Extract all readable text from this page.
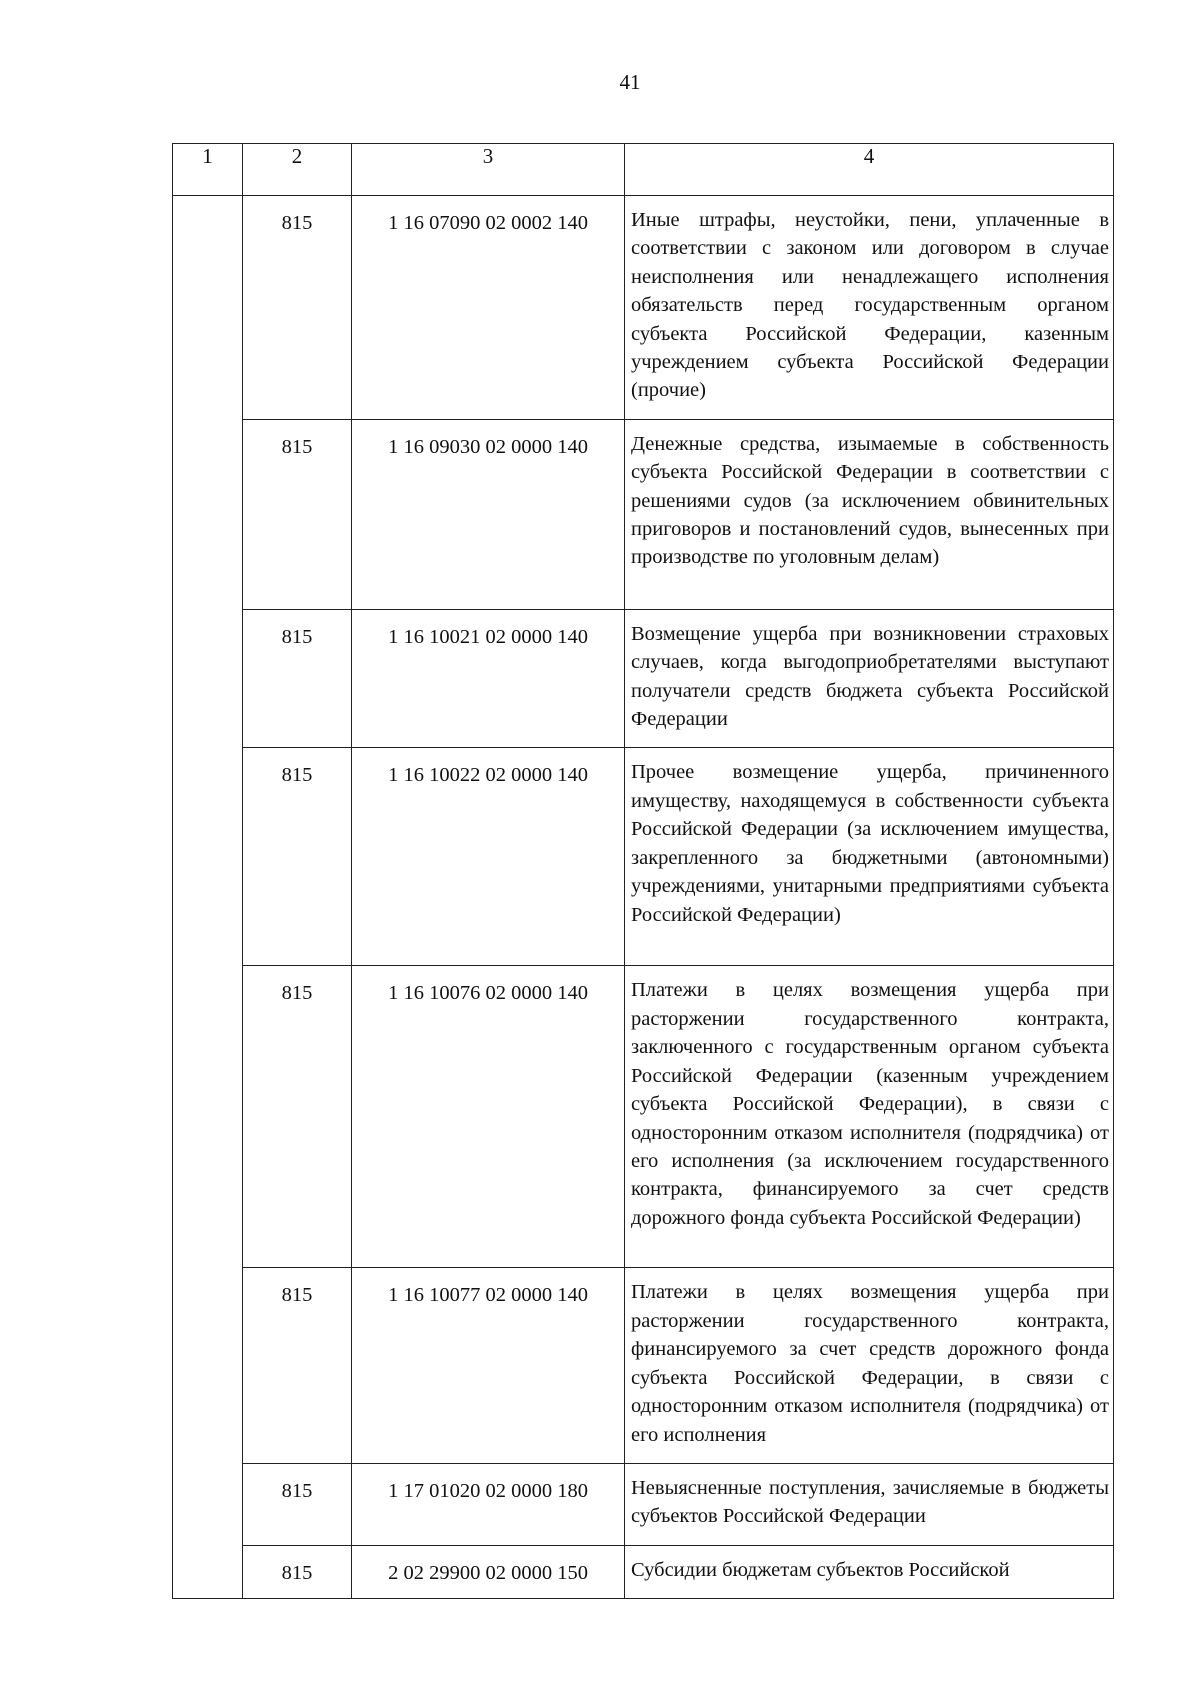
41
1	2	3	4
	815	1 16 07090 02 0002 140	Иные штрафы, неустойки, пени, уплаченные в соответствии с законом или договором в случае неисполнения или ненадлежащего исполнения обязательств перед государственным органом субъекта Российской Федерации, казенным учреждением субъекта Российской Федерации (прочие)
	815	1 16 09030 02 0000 140	Денежные средства, изымаемые в собственность субъекта Российской Федерации в соответствии с решениями судов (за исключением обвинительных приговоров и постановлений судов, вынесенных при производстве по уголовным делам)
	815	1 16 10021 02 0000 140	Возмещение ущерба при возникновении страховых случаев, когда выгодоприобретателями выступают получатели средств бюджета субъекта Российской Федерации
	815	1 16 10022 02 0000 140	Прочее возмещение ущерба, причиненного имуществу, находящемуся в собственности субъекта Российской Федерации (за исключением имущества, закрепленного за бюджетными (автономными) учреждениями, унитарными предприятиями субъекта Российской Федерации)
	815	1 16 10076 02 0000 140	Платежи в целях возмещения ущерба при расторжении государственного контракта, заключенного с государственным органом субъекта Российской Федерации (казенным учреждением субъекта Российской Федерации), в связи с односторонним отказом исполнителя (подрядчика) от его исполнения (за исключением государственного контракта, финансируемого за счет средств дорожного фонда субъекта Российской Федерации)
	815	1 16 10077 02 0000 140	Платежи в целях возмещения ущерба при расторжении государственного контракта, финансируемого за счет средств дорожного фонда субъекта Российской Федерации, в связи с односторонним отказом исполнителя (подрядчика) от его исполнения
	815	1 17 01020 02 0000 180	Невыясненные поступления, зачисляемые в бюджеты субъектов Российской Федерации
	815	2 02 29900 02 0000 150	Субсидии бюджетам субъектов Российской
